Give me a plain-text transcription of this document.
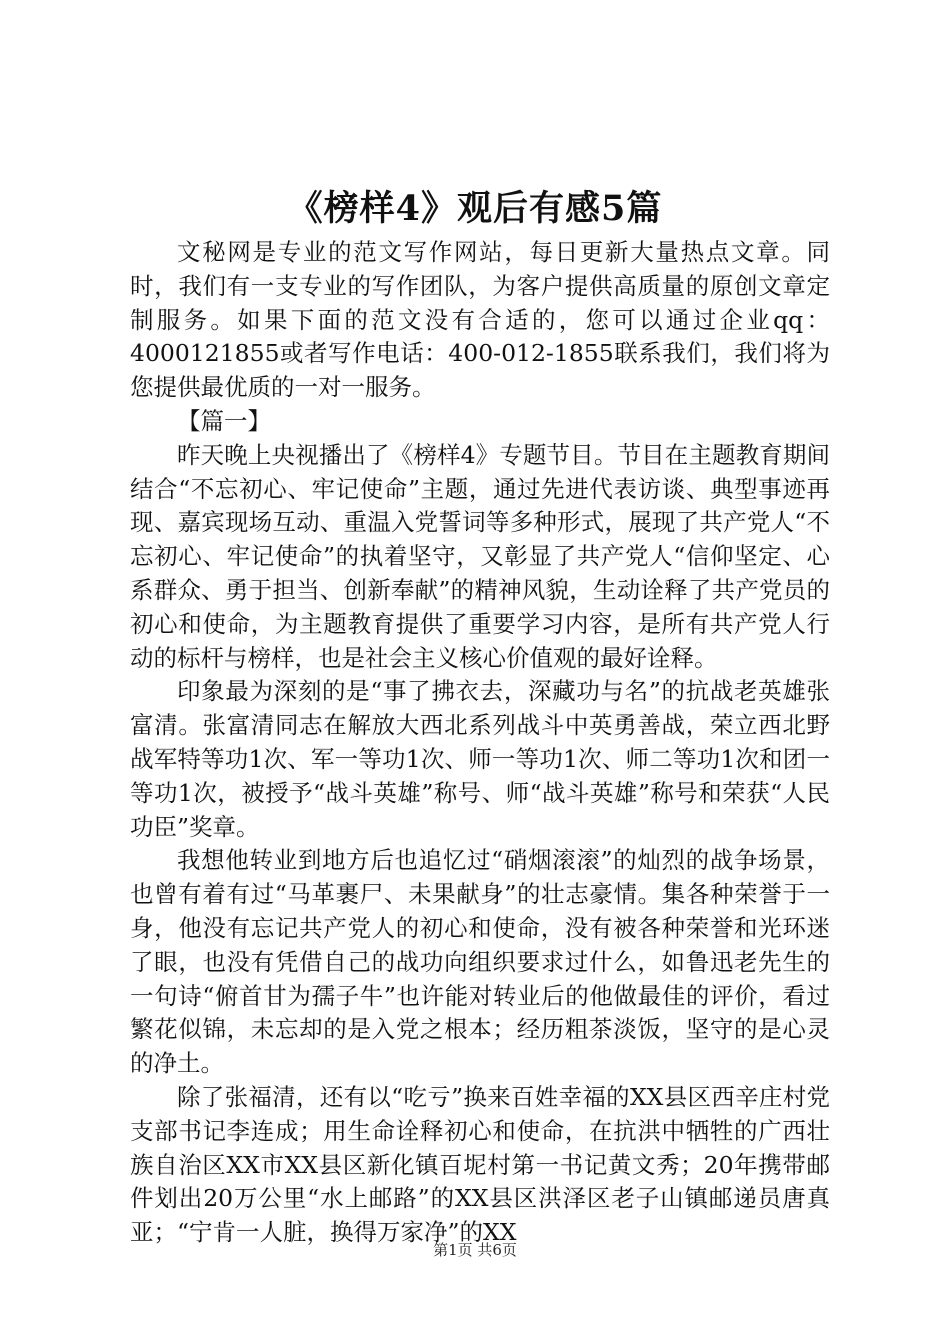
《榜样4》观后有感5篇

文秘网是专业的范文写作网站，每日更新大量热点文章。同时，我们有一支专业的写作团队，为客户提供高质量的原创文章定制服务。如果下面的范文没有合适的，您可以通过企业qq：4000121855或者写作电话：400-012-1855联系我们，我们将为您提供最优质的一对一服务。

【篇一】

昨天晚上央视播出了《榜样4》专题节目。节目在主题教育期间结合“不忘初心、牢记使命”主题，通过先进代表访谈、典型事迹再现、嘉宾现场互动、重温入党誓词等多种形式，展现了共产党人“不忘初心、牢记使命”的执着坚守，又彰显了共产党人“信仰坚定、心系群众、勇于担当、创新奉献”的精神风貌，生动诠释了共产党员的初心和使命，为主题教育提供了重要学习内容，是所有共产党人行动的标杆与榜样，也是社会主义核心价值观的最好诠释。

印象最为深刻的是“事了拂衣去，深藏功与名”的抗战老英雄张富清。张富清同志在解放大西北系列战斗中英勇善战，荣立西北野战军特等功1次、军一等功1次、师一等功1次、师二等功1次和团一等功1次，被授予“战斗英雄”称号、师“战斗英雄”称号和荣获“人民功臣”奖章。

我想他转业到地方后也追忆过“硝烟滚滚”的灿烈的战争场景，也曾有着有过“马革裹尸、未果献身”的壮志豪情。集各种荣誉于一身，他没有忘记共产党人的初心和使命，没有被各种荣誉和光环迷了眼，也没有凭借自己的战功向组织要求过什么，如鲁迅老先生的一句诗“俯首甘为孺子牛”也许能对转业后的他做最佳的评价，看过繁花似锦，未忘却的是入党之根本；经历粗茶淡饭，坚守的是心灵的净土。

除了张福清，还有以“吃亏”换来百姓幸福的XX县区西辛庄村党支部书记李连成；用生命诠释初心和使命，在抗洪中牺牲的广西壮族自治区XX市XX县区新化镇百坭村第一书记黄文秀；20年携带邮件划出20万公里“水上邮路”的XX县区洪泽区老子山镇邮递员唐真亚；“宁肯一人脏，换得万家净”的XX

第1页 共6页
